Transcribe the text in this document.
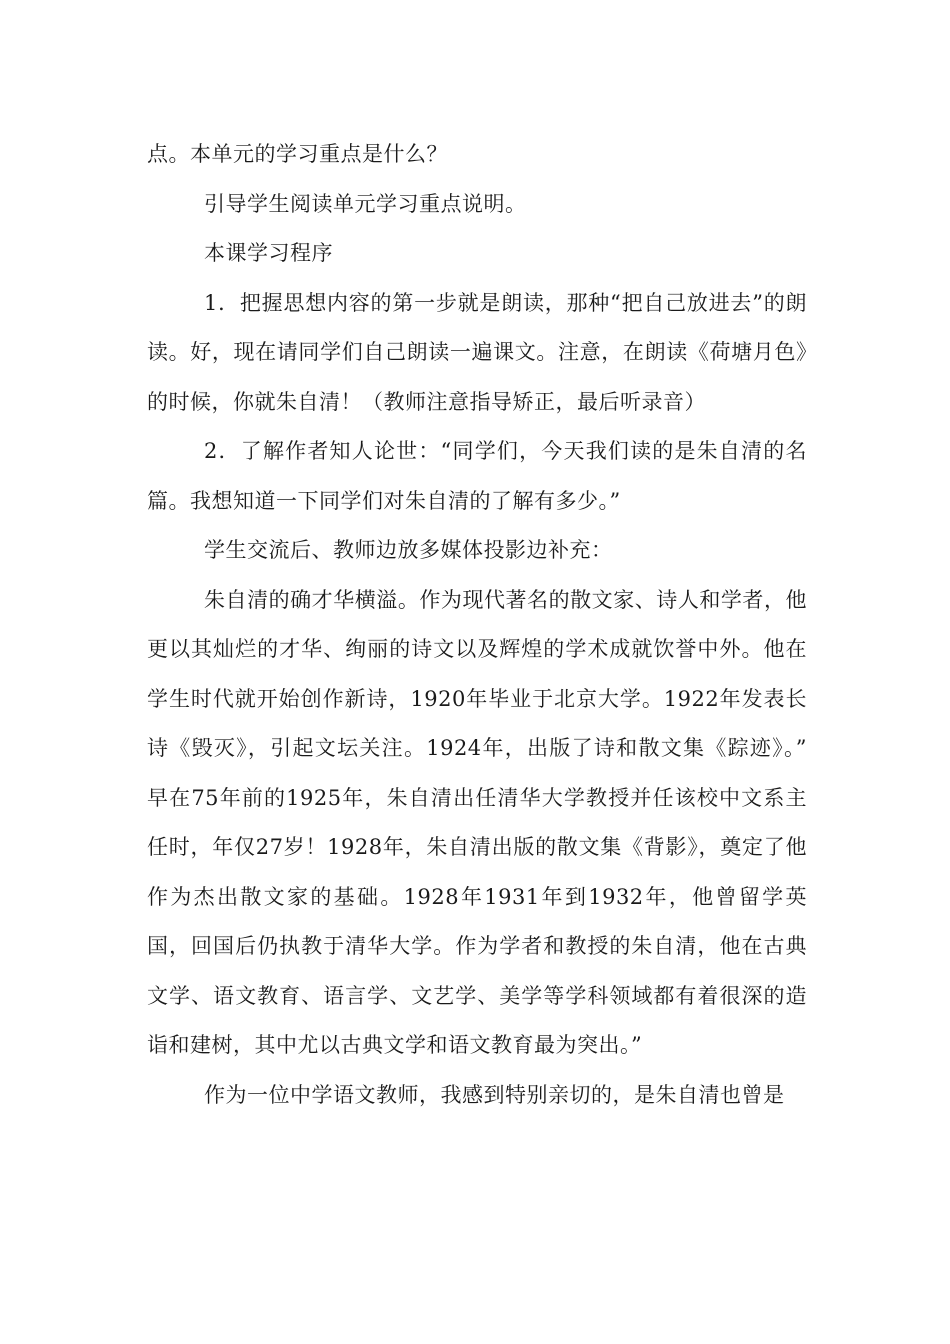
点。本单元的学习重点是什么？

引导学生阅读单元学习重点说明。

本课学习程序

1．把握思想内容的第一步就是朗读，那种“把自己放进去”的朗读。好，现在请同学们自己朗读一遍课文。注意，在朗读《荷塘月色》的时候，你就朱自清！（教师注意指导矫正，最后听录音）

2．了解作者知人论世：“同学们，今天我们读的是朱自清的名篇。我想知道一下同学们对朱自清的了解有多少。”

学生交流后、教师边放多媒体投影边补充：

朱自清的确才华横溢。作为现代著名的散文家、诗人和学者，他更以其灿烂的才华、绚丽的诗文以及辉煌的学术成就饮誉中外。他在学生时代就开始创作新诗，1920年毕业于北京大学。1922年发表长诗《毁灭》，引起文坛关注。1924年，出版了诗和散文集《踪迹》。”　　早在75年前的1925年，朱自清出任清华大学教授并任该校中文系主任时，年仅27岁！1928年，朱自清出版的散文集《背影》，奠定了他作为杰出散文家的基础。1928年1931年到1932年，他曾留学英国，回国后仍执教于清华大学。作为学者和教授的朱自清，他在古典文学、语文教育、语言学、文艺学、美学等学科领域都有着很深的造诣和建树，其中尤以古典文学和语文教育最为突出。”

作为一位中学语文教师，我感到特别亲切的，是朱自清也曾是
